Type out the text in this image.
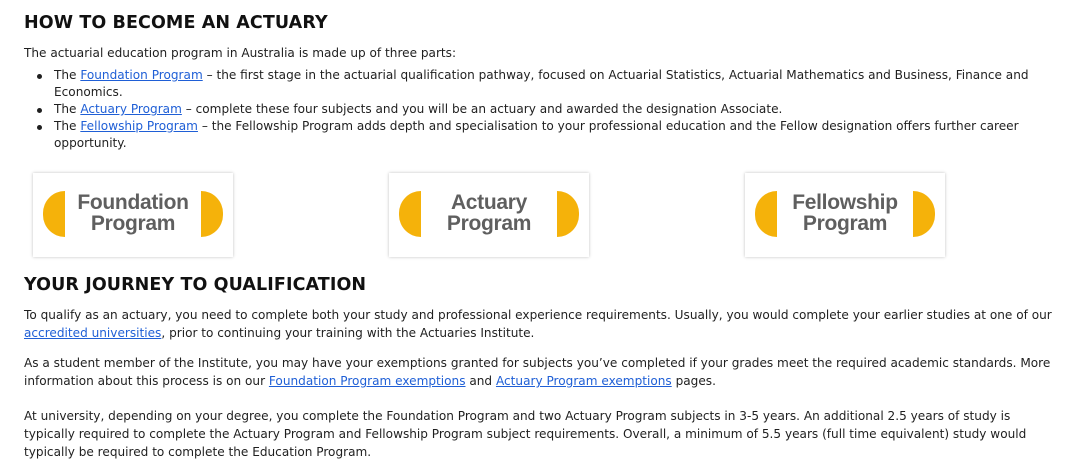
HOW TO BECOME AN ACTUARY

The actuarial education program in Australia is made up of three parts:

The Foundation Program – the first stage in the actuarial qualification pathway, focused on Actuarial Statistics, Actuarial Mathematics and Business, Finance and Economics.
The Actuary Program – complete these four subjects and you will be an actuary and awarded the designation Associate.
The Fellowship Program – the Fellowship Program adds depth and specialisation to your professional education and the Fellow designation offers further career opportunity.
Foundation
Program
Actuary
Program
Fellowship
Program
YOUR JOURNEY TO QUALIFICATION

To qualify as an actuary, you need to complete both your study and professional experience requirements. Usually, you would complete your earlier studies at one of our accredited universities, prior to continuing your training with the Actuaries Institute.

As a student member of the Institute, you may have your exemptions granted for subjects you’ve completed if your grades meet the required academic standards. More information about this process is on our Foundation Program exemptions and Actuary Program exemptions pages.

At university, depending on your degree, you complete the Foundation Program and two Actuary Program subjects in 3-5 years. An additional 2.5 years of study is typically required to complete the Actuary Program and Fellowship Program subject requirements. Overall, a minimum of 5.5 years (full time equivalent) study would typically be required to complete the Education Program.
